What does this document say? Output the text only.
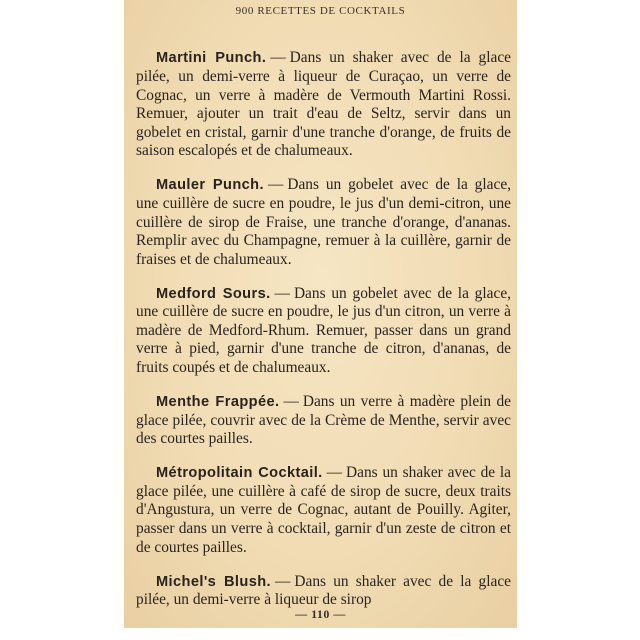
900 RECETTES DE COCKTAILS

Martini Punch. — Dans un shaker avec de la glace pilée, un demi-verre à liqueur de Curaçao, un verre de Cognac, un verre à madère de Vermouth Martini Rossi. Remuer, ajouter un trait d'eau de Seltz, servir dans un gobelet en cristal, garnir d'une tranche d'orange, de fruits de saison escalopés et de chalumeaux.

Mauler Punch. — Dans un gobelet avec de la glace, une cuillère de sucre en poudre, le jus d'un demi-citron, une cuillère de sirop de Fraise, une tranche d'orange, d'ananas. Remplir avec du Champagne, remuer à la cuillère, garnir de fraises et de chalumeaux.

Medford Sours. — Dans un gobelet avec de la glace, une cuillère de sucre en poudre, le jus d'un citron, un verre à madère de Medford-Rhum. Remuer, passer dans un grand verre à pied, garnir d'une tranche de citron, d'ananas, de fruits coupés et de chalumeaux.

Menthe Frappée. — Dans un verre à madère plein de glace pilée, couvrir avec de la Crème de Menthe, servir avec des courtes pailles.

Métropolitain Cocktail. — Dans un shaker avec de la glace pilée, une cuillère à café de sirop de sucre, deux traits d'Angustura, un verre de Cognac, autant de Pouilly. Agiter, passer dans un verre à cocktail, garnir d'un zeste de citron et de courtes pailles.

Michel's Blush. — Dans un shaker avec de la glace pilée, un demi-verre à liqueur de sirop

— 110 —
